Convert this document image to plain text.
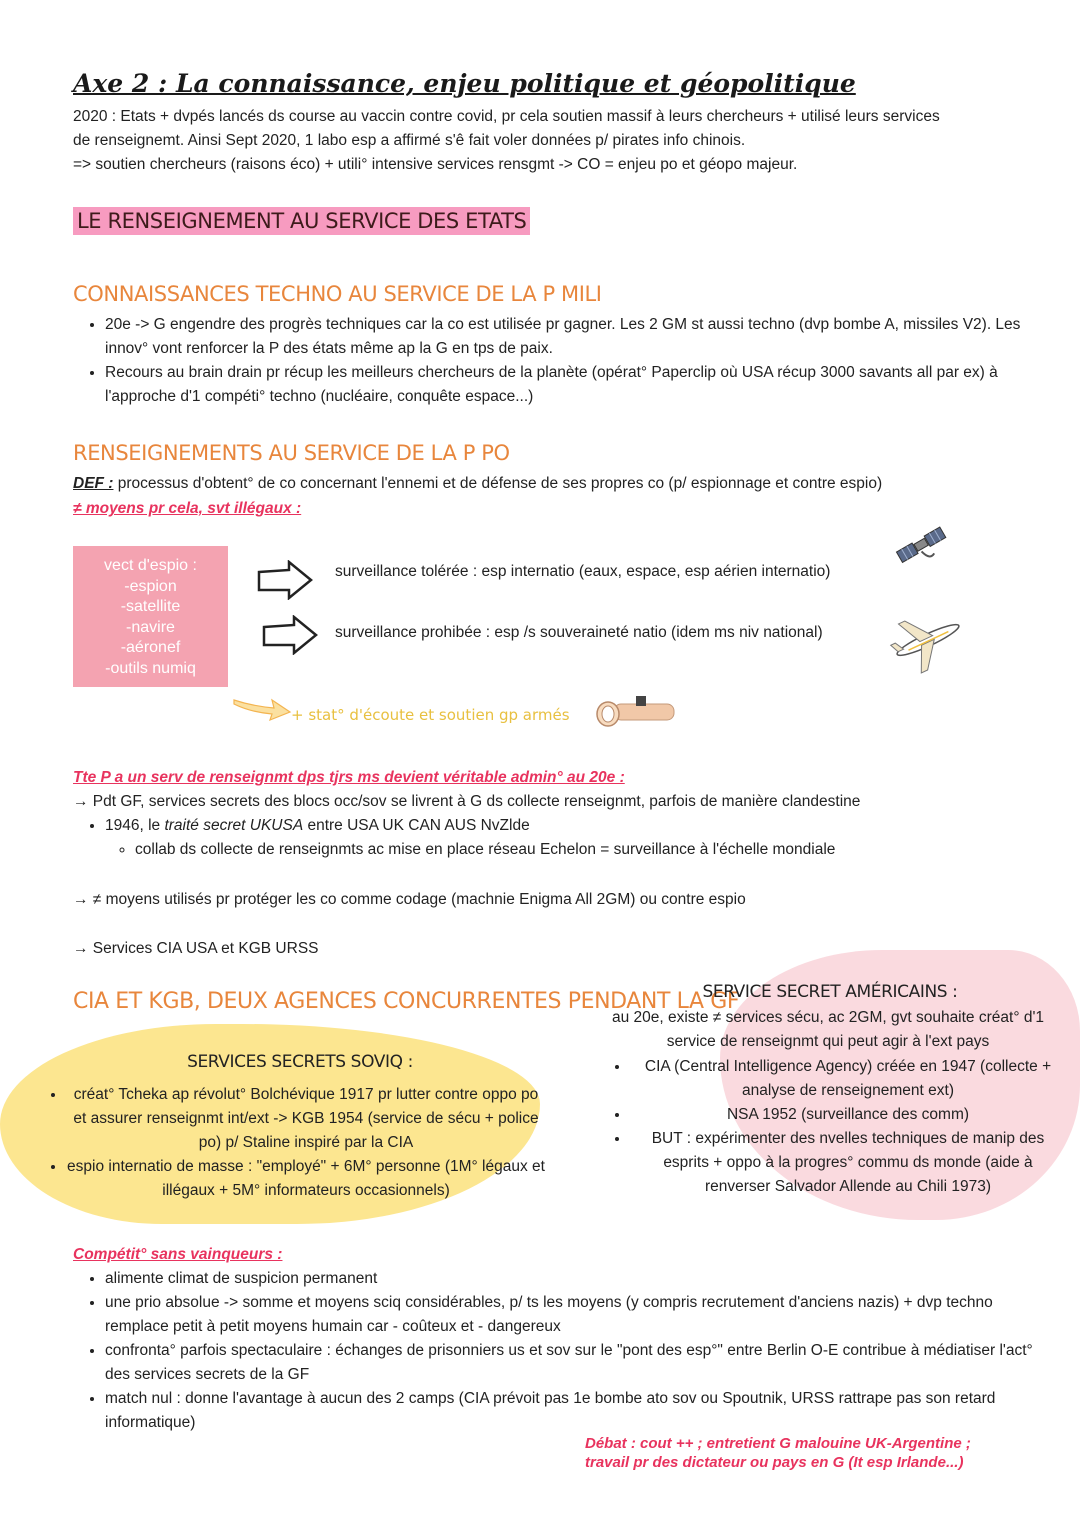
Axe 2 : La connaissance, enjeu politique et géopolitique
2020 : Etats + dvpés lancés ds course au vaccin contre covid, pr cela soutien massif à leurs chercheurs + utilisé leurs services
de renseignemt. Ainsi Sept 2020, 1 labo esp a affirmé s'ê fait voler données p/ pirates info chinois.
=> soutien chercheurs (raisons éco) + utili° intensive services rensgmt -> CO = enjeu po et géopo majeur.
LE RENSEIGNEMENT AU SERVICE DES ETATS
CONNAISSANCES TECHNO AU SERVICE DE LA P MILI
• 20e -> G engendre des progrès techniques car la co est utilisée pr gagner. Les 2 GM st aussi techno (dvp bombe A, missiles V2). Les innov° vont renforcer la P des états même ap la G en tps de paix.
• Recours au brain drain pr récup les meilleurs chercheurs de la planète (opérat° Paperclip où USA récup 3000 savants all par ex) à l'approche d'1 compéti° techno (nucléaire, conquête espace...)
RENSEIGNEMENTS AU SERVICE DE LA P PO
DEF : processus d'obtent° de co concernant l'ennemi et de défense de ses propres co (p/ espionnage et contre espio)
≠ moyens pr cela, svt illégaux :
vect d'espio :
-espion
-satellite
-navire
-aéronef
-outils numiq
surveillance tolérée : esp internatio (eaux, espace, esp aérien internatio)
surveillance prohibée : esp /s souveraineté natio (idem ms niv national)
+ stat° d'écoute et soutien gp armés
Tte P a un serv de renseignmt dps tjrs ms devient véritable admin° au 20e :
→ Pdt GF, services secrets des blocs occ/sov se livrent à G ds collecte renseignmt, parfois de manière clandestine
• 1946, le traité secret UKUSA entre USA UK CAN AUS NvZlde
◦ collab ds collecte de renseignmts ac mise en place réseau Echelon = surveillance à l'échelle mondiale
→ ≠ moyens utilisés pr protéger les co comme codage (machnie Enigma All 2GM) ou contre espio
→ Services CIA USA et KGB URSS
CIA ET KGB, DEUX AGENCES CONCURRENTES PENDANT LA GF
SERVICES SECRETS SOVIQ :
• créat° Tcheka ap révolut° Bolchévique 1917 pr lutter contre oppo po et assurer renseignmt int/ext -> KGB 1954 (service de sécu + police po) p/ Staline inspiré par la CIA
• espio internatio de masse : "employé" + 6M° personne (1M° légaux et illégaux + 5M° informateurs occasionnels)
SERVICE SECRET AMÉRICAINS :
au 20e, existe ≠ services sécu, ac 2GM, gvt souhaite créat° d'1 service de renseignmt qui peut agir à l'ext pays
• CIA (Central Intelligence Agency) créée en 1947 (collecte + analyse de renseignement ext)
• NSA 1952 (surveillance des comm)
• BUT : expérimenter des nvelles techniques de manip des esprits + oppo à la progres° commu ds monde (aide à renverser Salvador Allende au Chili 1973)
Compétit° sans vainqueurs :
• alimente climat de suspicion permanent
• une prio absolue -> somme et moyens sciq considérables, p/ ts les moyens (y compris recrutement d'anciens nazis) + dvp techno remplace petit à petit moyens humain car - coûteux et - dangereux
• confronta° parfois spectaculaire : échanges de prisonniers us et sov sur le "pont des esp°" entre Berlin O-E contribue à médiatiser l'act° des services secrets de la GF
• match nul : donne l'avantage à aucun des 2 camps (CIA prévoit pas 1e bombe ato sov ou Spoutnik, URSS rattrape pas son retard informatique)
Débat : cout ++ ; entretient G malouine UK-Argentine ;
travail pr des dictateur ou pays en G (It esp Irlande...)
